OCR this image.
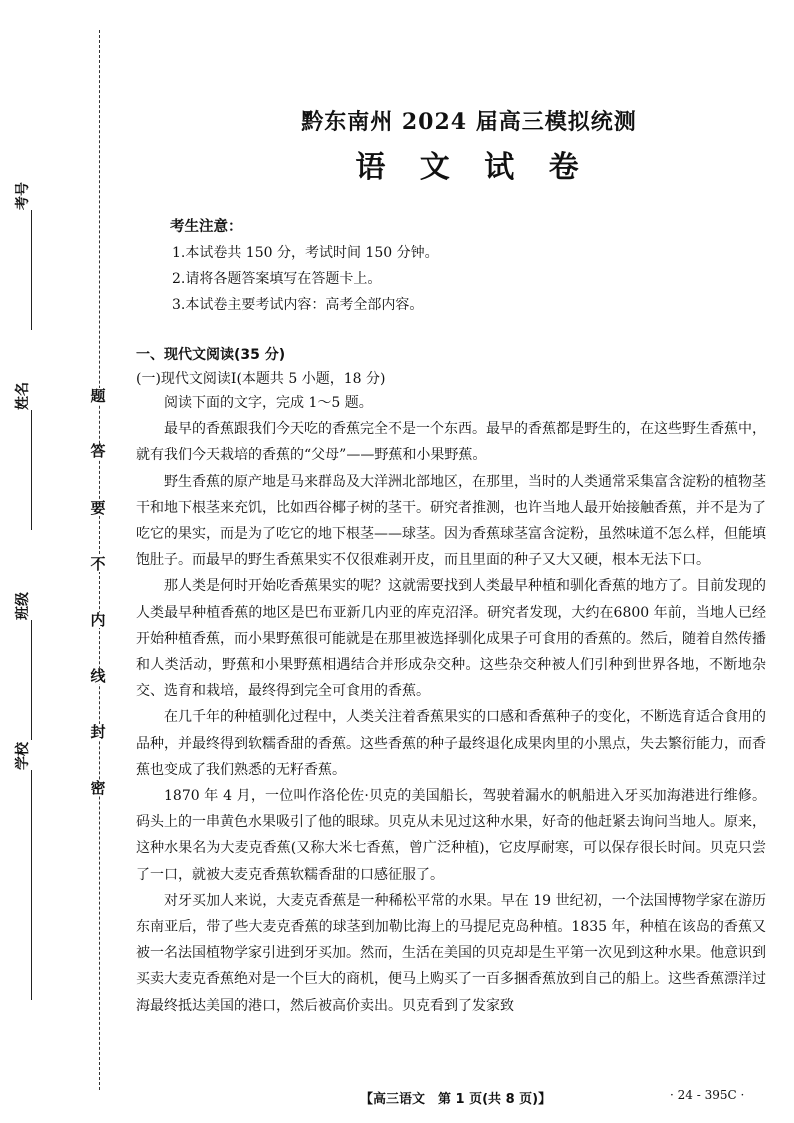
题
答
要
不
内
线
封
密
考号
姓名
班级
学校
黔东南州 2024 届高三模拟统测
语 文 试 卷
考生注意：
1.本试卷共 150 分，考试时间 150 分钟。
2.请将各题答案填写在答题卡上。
3.本试卷主要考试内容：高考全部内容。
一、现代文阅读(35 分)
(一)现代文阅读Ⅰ(本题共 5 小题，18 分)

阅读下面的文字，完成 1～5 题。

最早的香蕉跟我们今天吃的香蕉完全不是一个东西。最早的香蕉都是野生的，在这些野生香蕉中，就有我们今天栽培的香蕉的“父母”——野蕉和小果野蕉。

野生香蕉的原产地是马来群岛及大洋洲北部地区，在那里，当时的人类通常采集富含淀粉的植物茎干和地下根茎来充饥，比如西谷椰子树的茎干。研究者推测，也许当地人最开始接触香蕉，并不是为了吃它的果实，而是为了吃它的地下根茎——球茎。因为香蕉球茎富含淀粉，虽然味道不怎么样，但能填饱肚子。而最早的野生香蕉果实不仅很难剥开皮，而且里面的种子又大又硬，根本无法下口。

那人类是何时开始吃香蕉果实的呢？这就需要找到人类最早种植和驯化香蕉的地方了。目前发现的人类最早种植香蕉的地区是巴布亚新几内亚的库克沼泽。研究者发现，大约在6800 年前，当地人已经开始种植香蕉，而小果野蕉很可能就是在那里被选择驯化成果子可食用的香蕉的。然后，随着自然传播和人类活动，野蕉和小果野蕉相遇结合并形成杂交种。这些杂交种被人们引种到世界各地，不断地杂交、选育和栽培，最终得到完全可食用的香蕉。

在几千年的种植驯化过程中，人类关注着香蕉果实的口感和香蕉种子的变化，不断选育适合食用的品种，并最终得到软糯香甜的香蕉。这些香蕉的种子最终退化成果肉里的小黑点，失去繁衍能力，而香蕉也变成了我们熟悉的无籽香蕉。

1870 年 4 月，一位叫作洛伦佐·贝克的美国船长，驾驶着漏水的帆船进入牙买加海港进行维修。码头上的一串黄色水果吸引了他的眼球。贝克从未见过这种水果，好奇的他赶紧去询问当地人。原来，这种水果名为大麦克香蕉(又称大米七香蕉，曾广泛种植)，它皮厚耐寒，可以保存很长时间。贝克只尝了一口，就被大麦克香蕉软糯香甜的口感征服了。

对牙买加人来说，大麦克香蕉是一种稀松平常的水果。早在 19 世纪初，一个法国博物学家在游历东南亚后，带了些大麦克香蕉的球茎到加勒比海上的马提尼克岛种植。1835 年，种植在该岛的香蕉又被一名法国植物学家引进到牙买加。然而，生活在美国的贝克却是生平第一次见到这种水果。他意识到买卖大麦克香蕉绝对是一个巨大的商机，便马上购买了一百多捆香蕉放到自己的船上。这些香蕉漂洋过海最终抵达美国的港口，然后被高价卖出。贝克看到了发家致

【高三语文　第 1 页(共 8 页)】	· 24 - 395C ·
